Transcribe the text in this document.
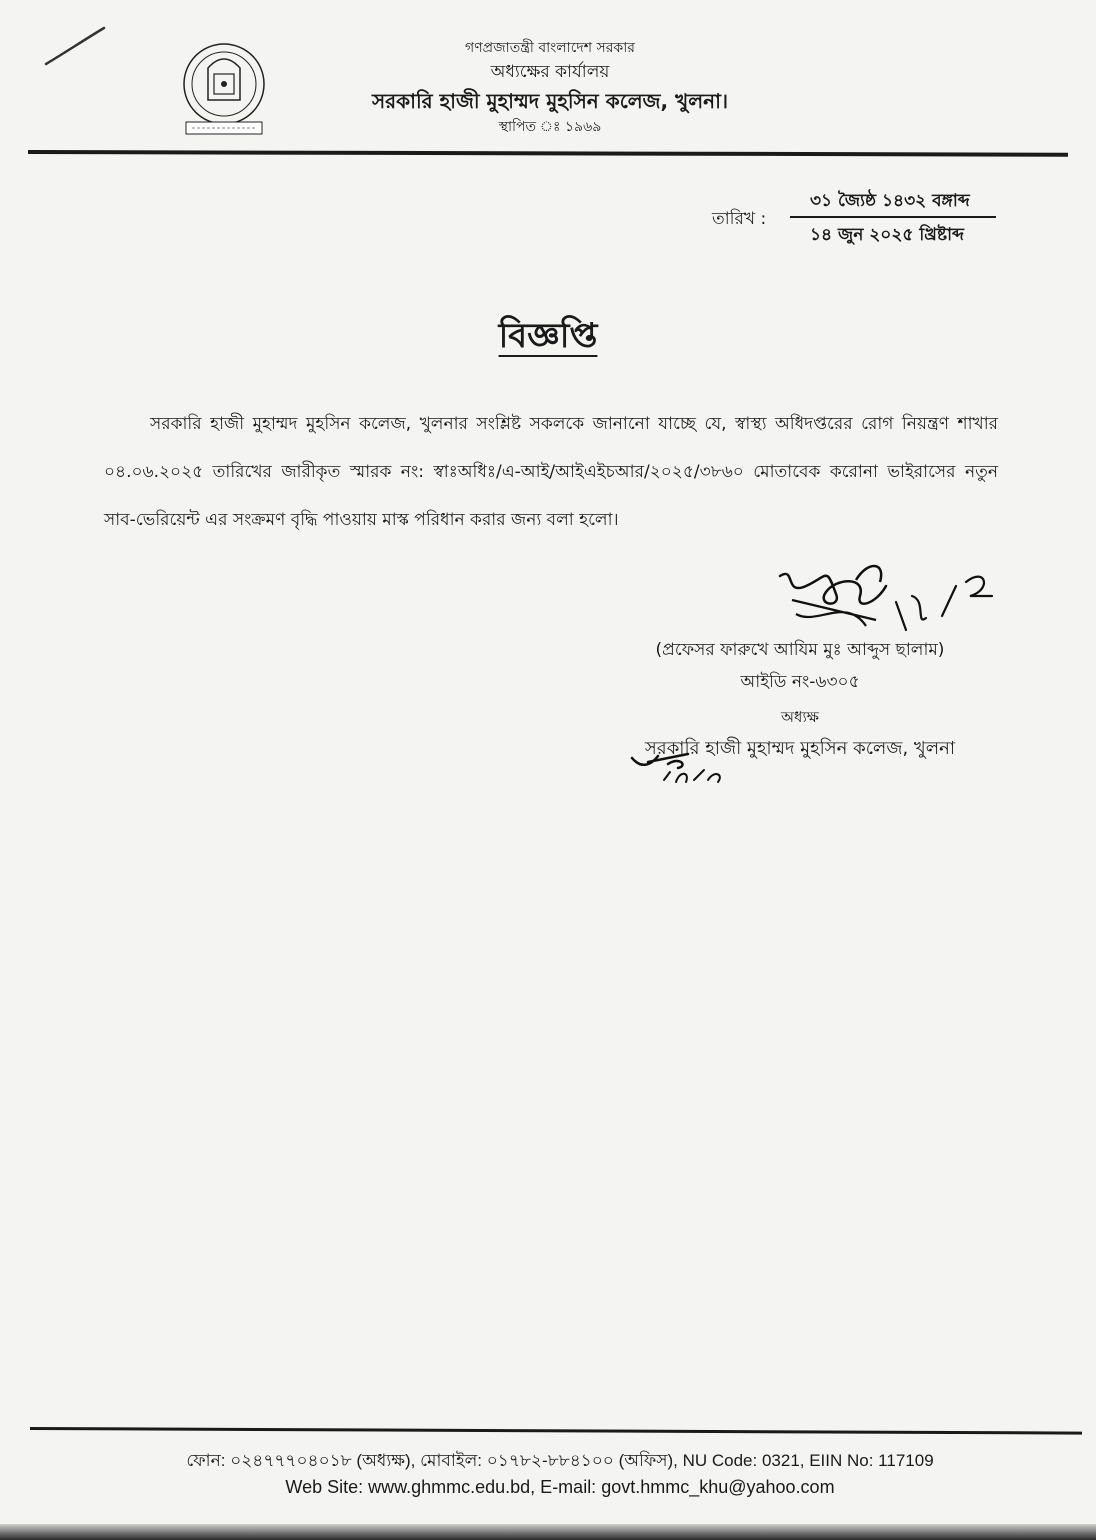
গণপ্রজাতন্ত্রী বাংলাদেশ সরকার
অধ্যক্ষের কার্যালয়
সরকারি হাজী মুহাম্মদ মুহসিন কলেজ, খুলনা।
স্থাপিত ঃ ১৯৬৯
তারিখ :
৩১ জ্যৈষ্ঠ ১৪৩২ বঙ্গাব্দ
১৪ জুন ২০২৫ খ্রিষ্টাব্দ
বিজ্ঞপ্তি

সরকারি হাজী মুহাম্মদ মুহসিন কলেজ, খুলনার সংশ্লিষ্ট সকলকে জানানো যাচ্ছে যে, স্বাস্থ্য অধিদপ্তরের রোগ নিয়ন্ত্রণ শাখার ০৪.০৬.২০২৫ তারিখের জারীকৃত স্মারক নং: স্বাঃঅধিঃ/এ-আই/আইএইচআর/২০২৫/৩৮৬০ মোতাবেক করোনা ভাইরাসের নতুন সাব-ভেরিয়েন্ট এর সংক্রমণ বৃদ্ধি পাওয়ায় মাস্ক পরিধান করার জন্য বলা হলো।

(প্রফেসর ফারুখে আযিম মুঃ আব্দুস ছালাম)
আইডি নং-৬৩০৫
অধ্যক্ষ
সরকারি হাজী মুহাম্মদ মুহসিন কলেজ, খুলনা
ফোন: ০২৪৭৭৭০৪০১৮ (অধ্যক্ষ), মোবাইল: ০১৭৮২-৮৮৪১০০ (অফিস), NU Code: 0321, EIIN No: 117109
Web Site: www.ghmmc.edu.bd, E-mail: govt.hmmc_khu@yahoo.com
